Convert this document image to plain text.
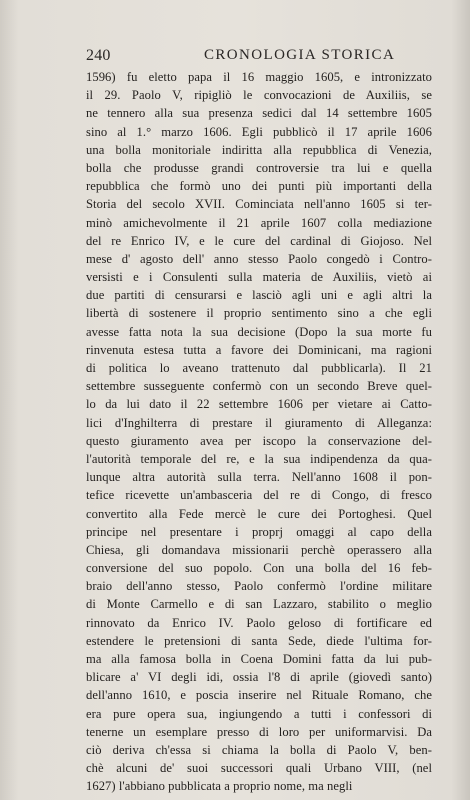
240	CRONOLOGIA STORICA
1596) fu eletto papa il 16 maggio 1605, e intronizzato
il 29. Paolo V, ripigliò le convocazioni de Auxiliis, se
ne tennero alla sua presenza sedici dal 14 settembre 1605
sino al 1.° marzo 1606. Egli pubblicò il 17 aprile 1606
una bolla monitoriale indiritta alla repubblica di Venezia,
bolla che produsse grandi controversie tra lui e quella
repubblica che formò uno dei punti più importanti della
Storia del secolo XVII. Cominciata nell'anno 1605 si ter-
minò amichevolmente il 21 aprile 1607 colla mediazione
del re Enrico IV, e le cure del cardinal di Giojoso. Nel
mese d' agosto dell' anno stesso Paolo congedò i Contro-
versisti e i Consulenti sulla materia de Auxiliis, vietò ai
due partiti di censurarsi e lasciò agli uni e agli altri la
libertà di sostenere il proprio sentimento sino a che egli
avesse fatta nota la sua decisione (Dopo la sua morte fu
rinvenuta estesa tutta a favore dei Dominicani, ma ragioni
di politica lo aveano trattenuto dal pubblicarla). Il 21
settembre susseguente confermò con un secondo Breve quel-
lo da lui dato il 22 settembre 1606 per vietare ai Catto-
lici d'Inghilterra di prestare il giuramento di Alleganza:
questo giuramento avea per iscopo la conservazione del-
l'autorità temporale del re, e la sua indipendenza da qua-
lunque altra autorità sulla terra. Nell'anno 1608 il pon-
tefice ricevette un'ambasceria del re di Congo, di fresco
convertito alla Fede mercè le cure dei Portoghesi. Quel
principe nel presentare i proprj omaggi al capo della
Chiesa, gli domandava missionarii perchè operassero alla
conversione del suo popolo. Con una bolla del 16 feb-
braio dell'anno stesso, Paolo confermò l'ordine militare
di Monte Carmello e di san Lazzaro, stabilito o meglio
rinnovato da Enrico IV. Paolo geloso di fortificare ed
estendere le pretensioni di santa Sede, diede l'ultima for-
ma alla famosa bolla in Coena Domini fatta da lui pub-
blicare a' VI degli idi, ossia l'8 di aprile (giovedì santo)
dell'anno 1610, e poscia inserire nel Rituale Romano, che
era pure opera sua, ingiungendo a tutti i confessori di
tenerne un esemplare presso di loro per uniformarvisi. Da
ciò deriva ch'essa si chiama la bolla di Paolo V, ben-
chè alcuni de' suoi successori quali Urbano VIII, (nel
1627) l'abbiano pubblicata a proprio nome, ma negli
